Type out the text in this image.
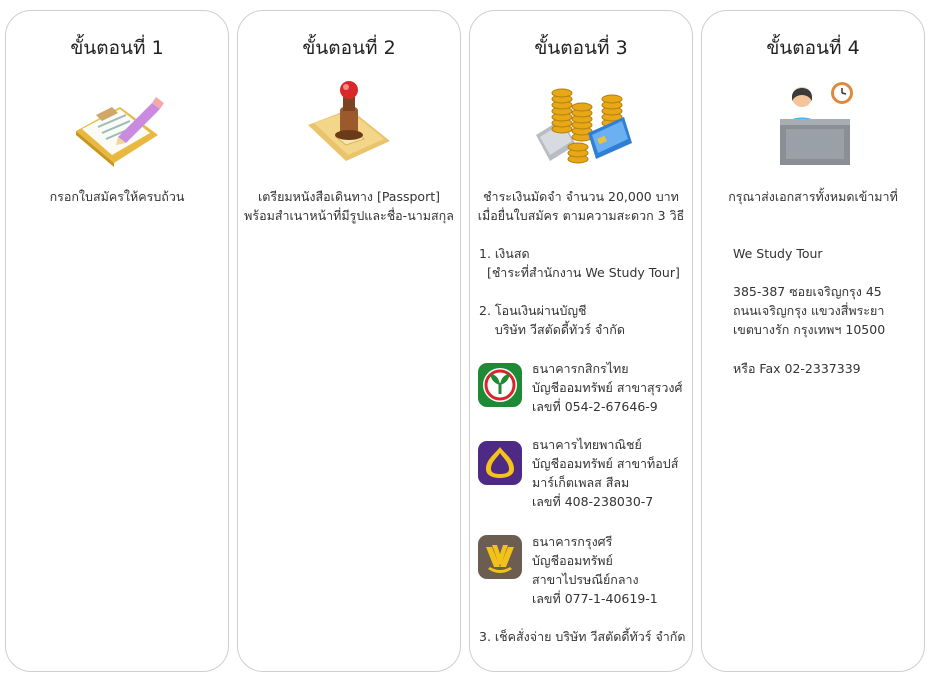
ขั้นตอนที่ 1
กรอกใบสมัครให้ครบถ้วน
ขั้นตอนที่ 2
เตรียมหนังสือเดินทาง [Passport]
พร้อมสำเนาหน้าที่มีรูปและชื่อ-นามสกุล
ขั้นตอนที่ 3
ชำระเงินมัดจำ จำนวน 20,000 บาท
เมื่อยื่นใบสมัคร ตามความสะดวก 3 วิธี
1. เงินสด
[ชำระที่สำนักงาน We Study Tour]
2. โอนเงินผ่านบัญชี
บริษัท วีสตัดดี้ทัวร์ จำกัด
ธนาคารกสิกรไทย
บัญชีออมทรัพย์ สาขาสุรวงศ์
เลขที่ 054-2-67646-9
ธนาคารไทยพาณิชย์
บัญชีออมทรัพย์ สาขาท็อปส์
มาร์เก็ตเพลส สีลม
เลขที่ 408-238030-7
ธนาคารกรุงศรี
บัญชีออมทรัพย์
สาขาไปรษณีย์กลาง
เลขที่ 077-1-40619-1
3. เช็คสั่งจ่าย บริษัท วีสตัดดี้ทัวร์ จำกัด
ขั้นตอนที่ 4
กรุณาส่งเอกสารทั้งหมดเข้ามาที่
We Study Tour
385-387 ซอยเจริญกรุง 45
ถนนเจริญกรุง แขวงสี่พระยา
เขตบางรัก กรุงเทพฯ 10500
หรือ Fax 02-2337339
